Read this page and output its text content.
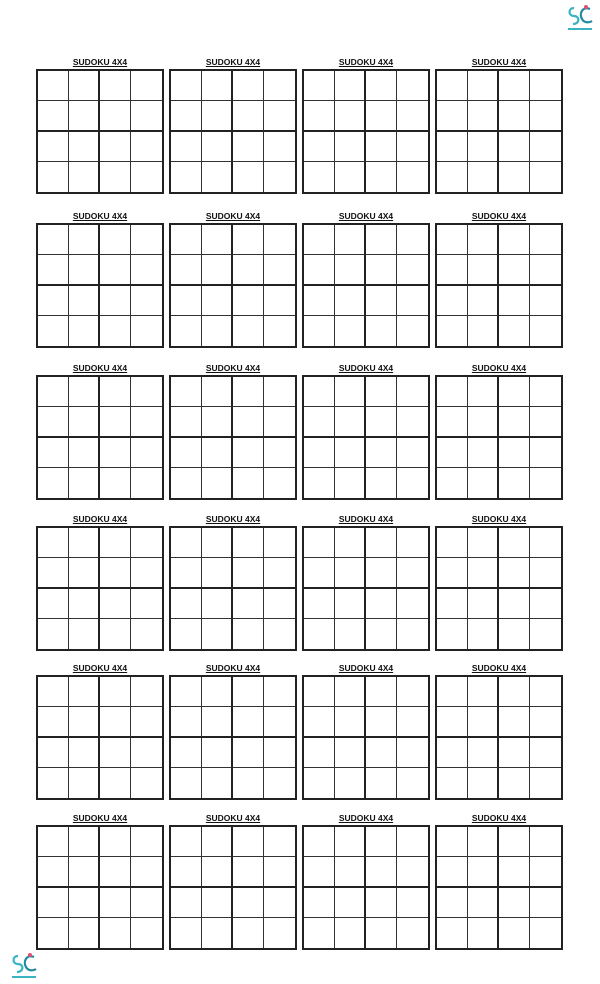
SUDOKU 4X4	SUDOKU 4X4	SUDOKU 4X4	SUDOKU 4X4
SUDOKU 4X4	SUDOKU 4X4	SUDOKU 4X4	SUDOKU 4X4
SUDOKU 4X4	SUDOKU 4X4	SUDOKU 4X4	SUDOKU 4X4
SUDOKU 4X4	SUDOKU 4X4	SUDOKU 4X4	SUDOKU 4X4
SUDOKU 4X4	SUDOKU 4X4	SUDOKU 4X4	SUDOKU 4X4
SUDOKU 4X4	SUDOKU 4X4	SUDOKU 4X4	SUDOKU 4X4
